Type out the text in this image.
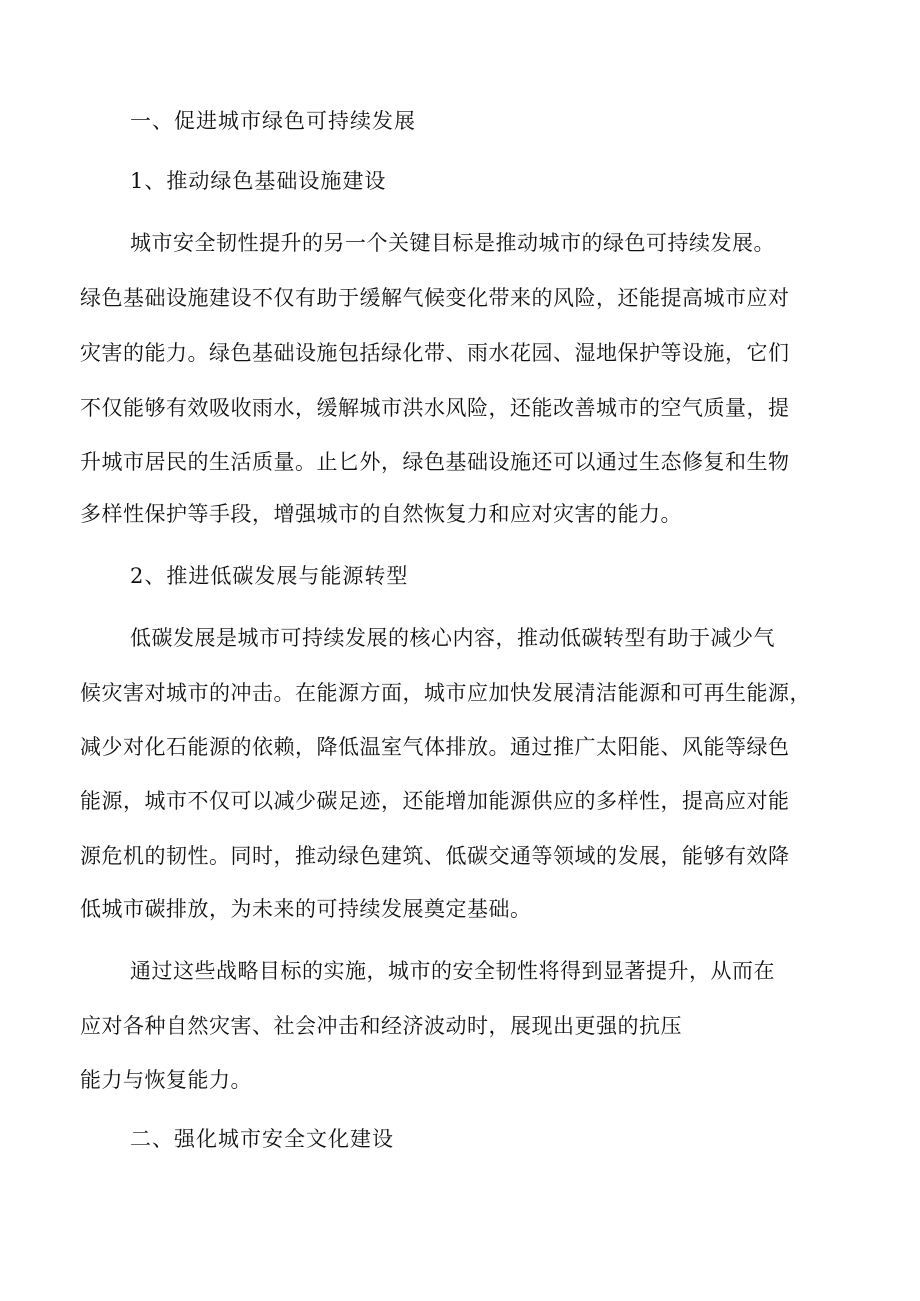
一、促进城市绿色可持续发展
1、推动绿色基础设施建设
城市安全韧性提升的另一个关键目标是推动城市的绿色可持续发展。
绿色基础设施建设不仅有助于缓解气候变化带来的风险，还能提高城市应对
灾害的能力。绿色基础设施包括绿化带、雨水花园、湿地保护等设施，它们
不仅能够有效吸收雨水，缓解城市洪水风险，还能改善城市的空气质量，提
升城市居民的生活质量。止匕外，绿色基础设施还可以通过生态修复和生物
多样性保护等手段，增强城市的自然恢复力和应对灾害的能力。
2、推进低碳发展与能源转型
低碳发展是城市可持续发展的核心内容，推动低碳转型有助于减少气
候灾害对城市的冲击。在能源方面，城市应加快发展清洁能源和可再生能源，
减少对化石能源的依赖，降低温室气体排放。通过推广太阳能、风能等绿色
能源，城市不仅可以减少碳足迹，还能增加能源供应的多样性，提高应对能
源危机的韧性。同时，推动绿色建筑、低碳交通等领域的发展，能够有效降
低城市碳排放，为未来的可持续发展奠定基础。
通过这些战略目标的实施，城市的安全韧性将得到显著提升，从而在
应对各种自然灾害、社会冲击和经济波动时，展现出更强的抗压
能力与恢复能力。
二、强化城市安全文化建设
